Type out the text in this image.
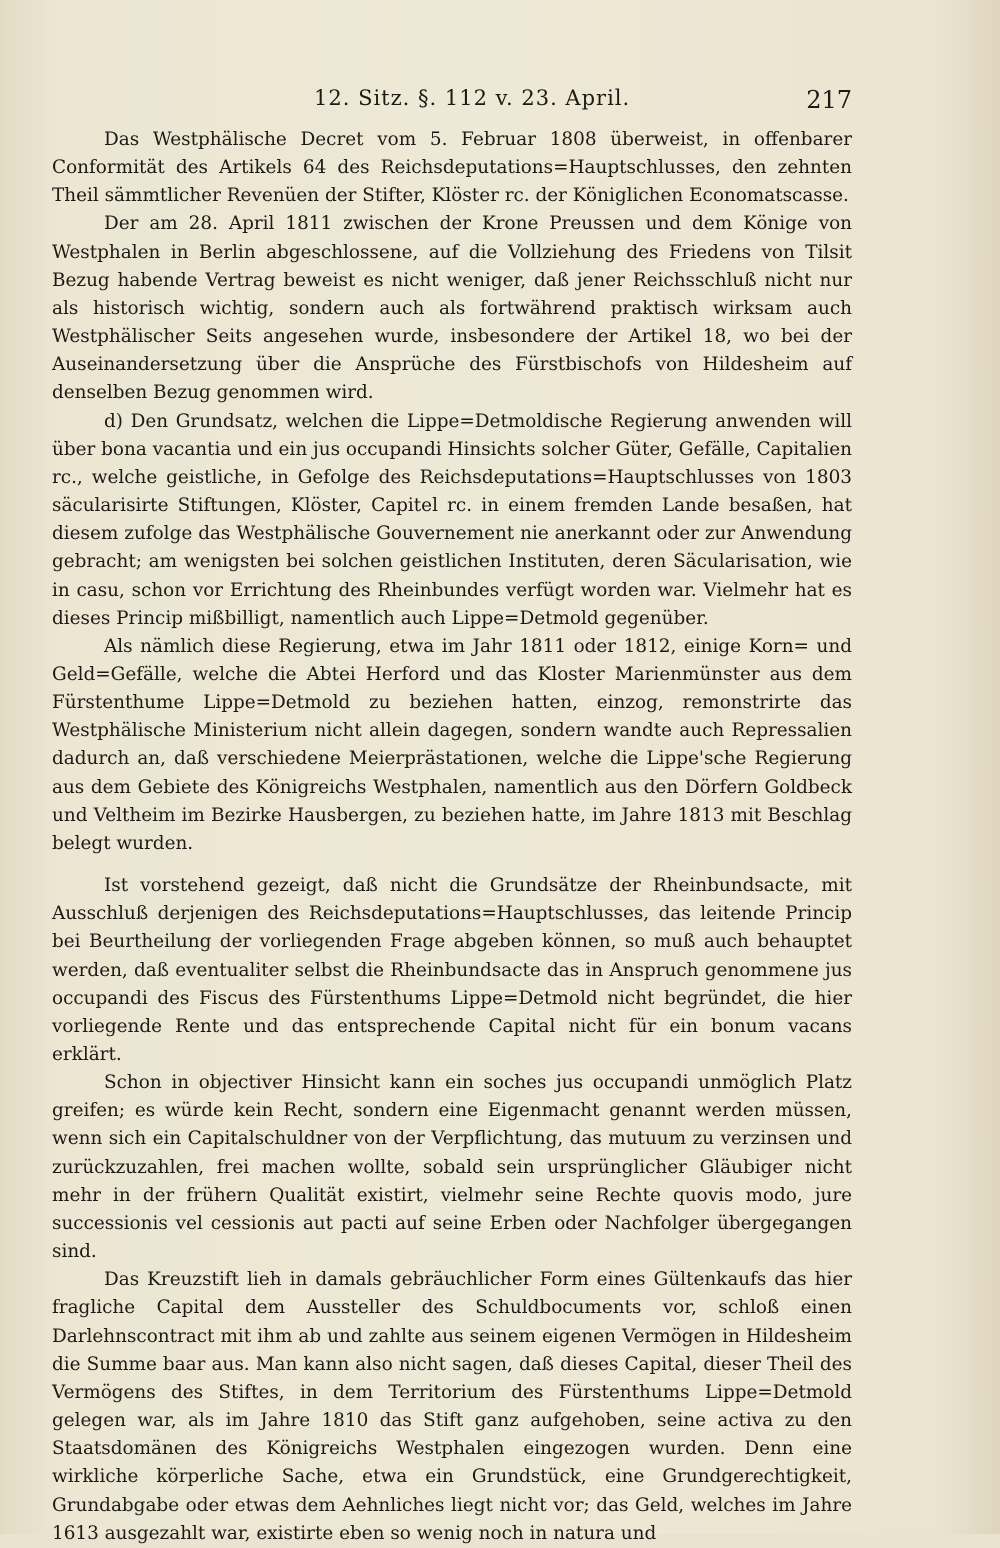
12. Sitz. §. 112 v. 23. April.	217

Das Westphälische Decret vom 5. Februar 1808 überweist, in offenbarer Conformität des Artikels 64 des Reichsdeputations=Hauptschlusses, den zehnten Theil sämmtlicher Revenüen der Stifter, Klöster rc. der Königlichen Economatscasse.

Der am 28. April 1811 zwischen der Krone Preussen und dem Könige von Westphalen in Berlin abgeschlossene, auf die Vollziehung des Friedens von Tilsit Bezug habende Vertrag beweist es nicht weniger, daß jener Reichsschluß nicht nur als historisch wichtig, sondern auch als fortwährend praktisch wirksam auch Westphälischer Seits angesehen wurde, insbesondere der Artikel 18, wo bei der Auseinandersetzung über die Ansprüche des Fürstbischofs von Hildesheim auf denselben Bezug genommen wird.

d) Den Grundsatz, welchen die Lippe=Detmoldische Regierung anwenden will über bona vacantia und ein jus occupandi Hinsichts solcher Güter, Gefälle, Capitalien rc., welche geistliche, in Gefolge des Reichsdeputations=Hauptschlusses von 1803 säcularisirte Stiftungen, Klöster, Capitel rc. in einem fremden Lande besaßen, hat diesem zufolge das Westphälische Gouvernement nie anerkannt oder zur Anwendung gebracht; am wenigsten bei solchen geistlichen Instituten, deren Säcularisation, wie in casu, schon vor Errichtung des Rheinbundes verfügt worden war. Vielmehr hat es dieses Princip mißbilligt, namentlich auch Lippe=Detmold gegenüber.

Als nämlich diese Regierung, etwa im Jahr 1811 oder 1812, einige Korn= und Geld=Gefälle, welche die Abtei Herford und das Kloster Marienmünster aus dem Fürstenthume Lippe=Detmold zu beziehen hatten, einzog, remonstrirte das Westphälische Ministerium nicht allein dagegen, sondern wandte auch Repressalien dadurch an, daß verschiedene Meierprästationen, welche die Lippe'sche Regierung aus dem Gebiete des Königreichs Westphalen, namentlich aus den Dörfern Goldbeck und Veltheim im Bezirke Hausbergen, zu beziehen hatte, im Jahre 1813 mit Beschlag belegt wurden.

Ist vorstehend gezeigt, daß nicht die Grundsätze der Rheinbundsacte, mit Ausschluß derjenigen des Reichsdeputations=Hauptschlusses, das leitende Princip bei Beurtheilung der vorliegenden Frage abgeben können, so muß auch behauptet werden, daß eventualiter selbst die Rheinbundsacte das in Anspruch genommene jus occupandi des Fiscus des Fürstenthums Lippe=Detmold nicht begründet, die hier vorliegende Rente und das entsprechende Capital nicht für ein bonum vacans erklärt.

Schon in objectiver Hinsicht kann ein soches jus occupandi unmöglich Platz greifen; es würde kein Recht, sondern eine Eigenmacht genannt werden müssen, wenn sich ein Capitalschuldner von der Verpflichtung, das mutuum zu verzinsen und zurückzuzahlen, frei machen wollte, sobald sein ursprünglicher Gläubiger nicht mehr in der frühern Qualität existirt, vielmehr seine Rechte quovis modo, jure successionis vel cessionis aut pacti auf seine Erben oder Nachfolger übergegangen sind.

Das Kreuzstift lieh in damals gebräuchlicher Form eines Gültenkaufs das hier fragliche Capital dem Aussteller des Schuldbocuments vor, schloß einen Darlehnscontract mit ihm ab und zahlte aus seinem eigenen Vermögen in Hildesheim die Summe baar aus. Man kann also nicht sagen, daß dieses Capital, dieser Theil des Vermögens des Stiftes, in dem Territorium des Fürstenthums Lippe=Detmold gelegen war, als im Jahre 1810 das Stift ganz aufgehoben, seine activa zu den Staatsdomänen des Königreichs Westphalen eingezogen wurden. Denn eine wirkliche körperliche Sache, etwa ein Grundstück, eine Grundgerechtigkeit, Grundabgabe oder etwas dem Aehnliches liegt nicht vor; das Geld, welches im Jahre 1613 ausgezahlt war, existirte eben so wenig noch in natura und
